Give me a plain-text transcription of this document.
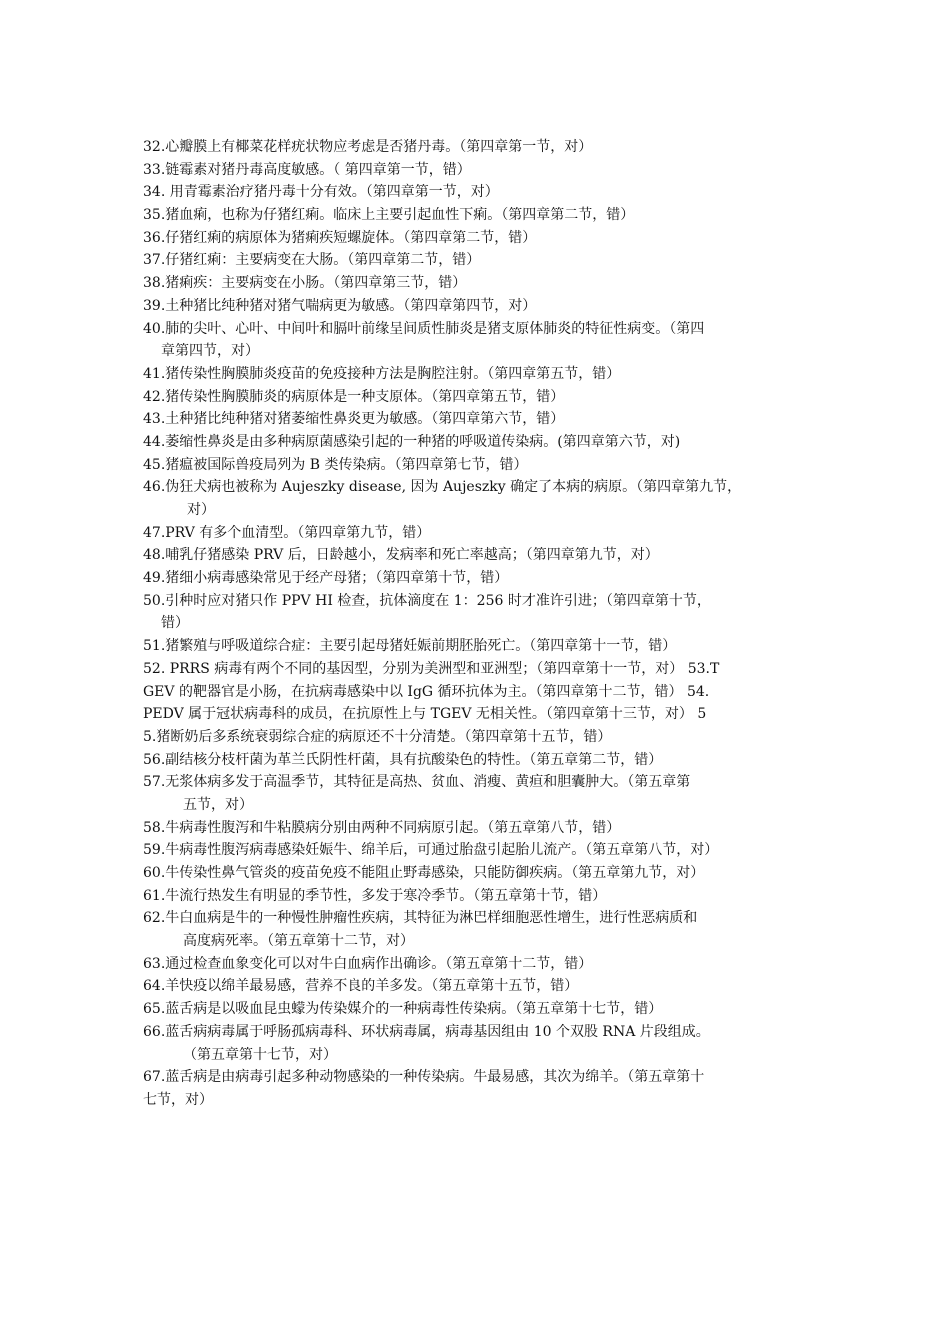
32.心瓣膜上有椰菜花样疣状物应考虑是否猪丹毒。（第四章第一节，对）
33.链霉素对猪丹毒高度敏感。（ 第四章第一节，错）
34. 用青霉素治疗猪丹毒十分有效。（第四章第一节，对）
35.猪血痢，也称为仔猪红痢。临床上主要引起血性下痢。（第四章第二节，错）
36.仔猪红痢的病原体为猪痢疾短螺旋体。（第四章第二节，错）
37.仔猪红痢：主要病变在大肠。（第四章第二节，错）
38.猪痢疾：主要病变在小肠。（第四章第三节，错）
39.土种猪比纯种猪对猪气喘病更为敏感。（第四章第四节，对）
40.肺的尖叶、心叶、中间叶和膈叶前缘呈间质性肺炎是猪支原体肺炎的特征性病变。（第四
章第四节，对）
41.猪传染性胸膜肺炎疫苗的免疫接种方法是胸腔注射。（第四章第五节，错）
42.猪传染性胸膜肺炎的病原体是一种支原体。（第四章第五节，错）
43.土种猪比纯种猪对猪萎缩性鼻炎更为敏感。（第四章第六节，错）
44.萎缩性鼻炎是由多种病原菌感染引起的一种猪的呼吸道传染病。(第四章第六节，对)
45.猪瘟被国际兽疫局列为 B 类传染病。（第四章第七节，错）
46.伪狂犬病也被称为 Aujeszky disease, 因为 Aujeszky 确定了本病的病原。（第四章第九节，
对）
47.PRV 有多个血清型。（第四章第九节，错）
48.哺乳仔猪感染 PRV 后，日龄越小，发病率和死亡率越高；（第四章第九节，对）
49.猪细小病毒感染常见于经产母猪；（第四章第十节，错）
50.引种时应对猪只作 PPV HI 检查，抗体滴度在 1：256 时才准许引进；（第四章第十节，
错）
51.猪繁殖与呼吸道综合症：主要引起母猪妊娠前期胚胎死亡。（第四章第十一节，错）
52. PRRS 病毒有两个不同的基因型，分别为美洲型和亚洲型；（第四章第十一节，对） 53.T
GEV 的靶器官是小肠，在抗病毒感染中以 IgG 循环抗体为主。（第四章第十二节，错） 54.
PEDV 属于冠状病毒科的成员，在抗原性上与 TGEV 无相关性。（第四章第十三节，对） 5
5.猪断奶后多系统衰弱综合症的病原还不十分清楚。（第四章第十五节，错）
56.副结核分枝杆菌为革兰氏阴性杆菌，具有抗酸染色的特性。（第五章第二节，错）
57.无浆体病多发于高温季节，其特征是高热、贫血、消瘦、黄疸和胆囊肿大。（第五章第
五节，对）
58.牛病毒性腹泻和牛粘膜病分别由两种不同病原引起。（第五章第八节，错）
59.牛病毒性腹泻病毒感染妊娠牛、绵羊后，可通过胎盘引起胎儿流产。（第五章第八节，对）
60.牛传染性鼻气管炎的疫苗免疫不能阻止野毒感染，只能防御疾病。（第五章第九节，对）
61.牛流行热发生有明显的季节性，多发于寒冷季节。（第五章第十节，错）
62.牛白血病是牛的一种慢性肿瘤性疾病，其特征为淋巴样细胞恶性增生，进行性恶病质和
高度病死率。（第五章第十二节，对）
63.通过检查血象变化可以对牛白血病作出确诊。（第五章第十二节，错）
64.羊快疫以绵羊最易感，营养不良的羊多发。（第五章第十五节，错）
65.蓝舌病是以吸血昆虫蠓为传染媒介的一种病毒性传染病。（第五章第十七节，错）
66.蓝舌病病毒属于呼肠孤病毒科、环状病毒属，病毒基因组由 10 个双股 RNA 片段组成。
（第五章第十七节，对）
67.蓝舌病是由病毒引起多种动物感染的一种传染病。牛最易感，其次为绵羊。（第五章第十
七节，对）
